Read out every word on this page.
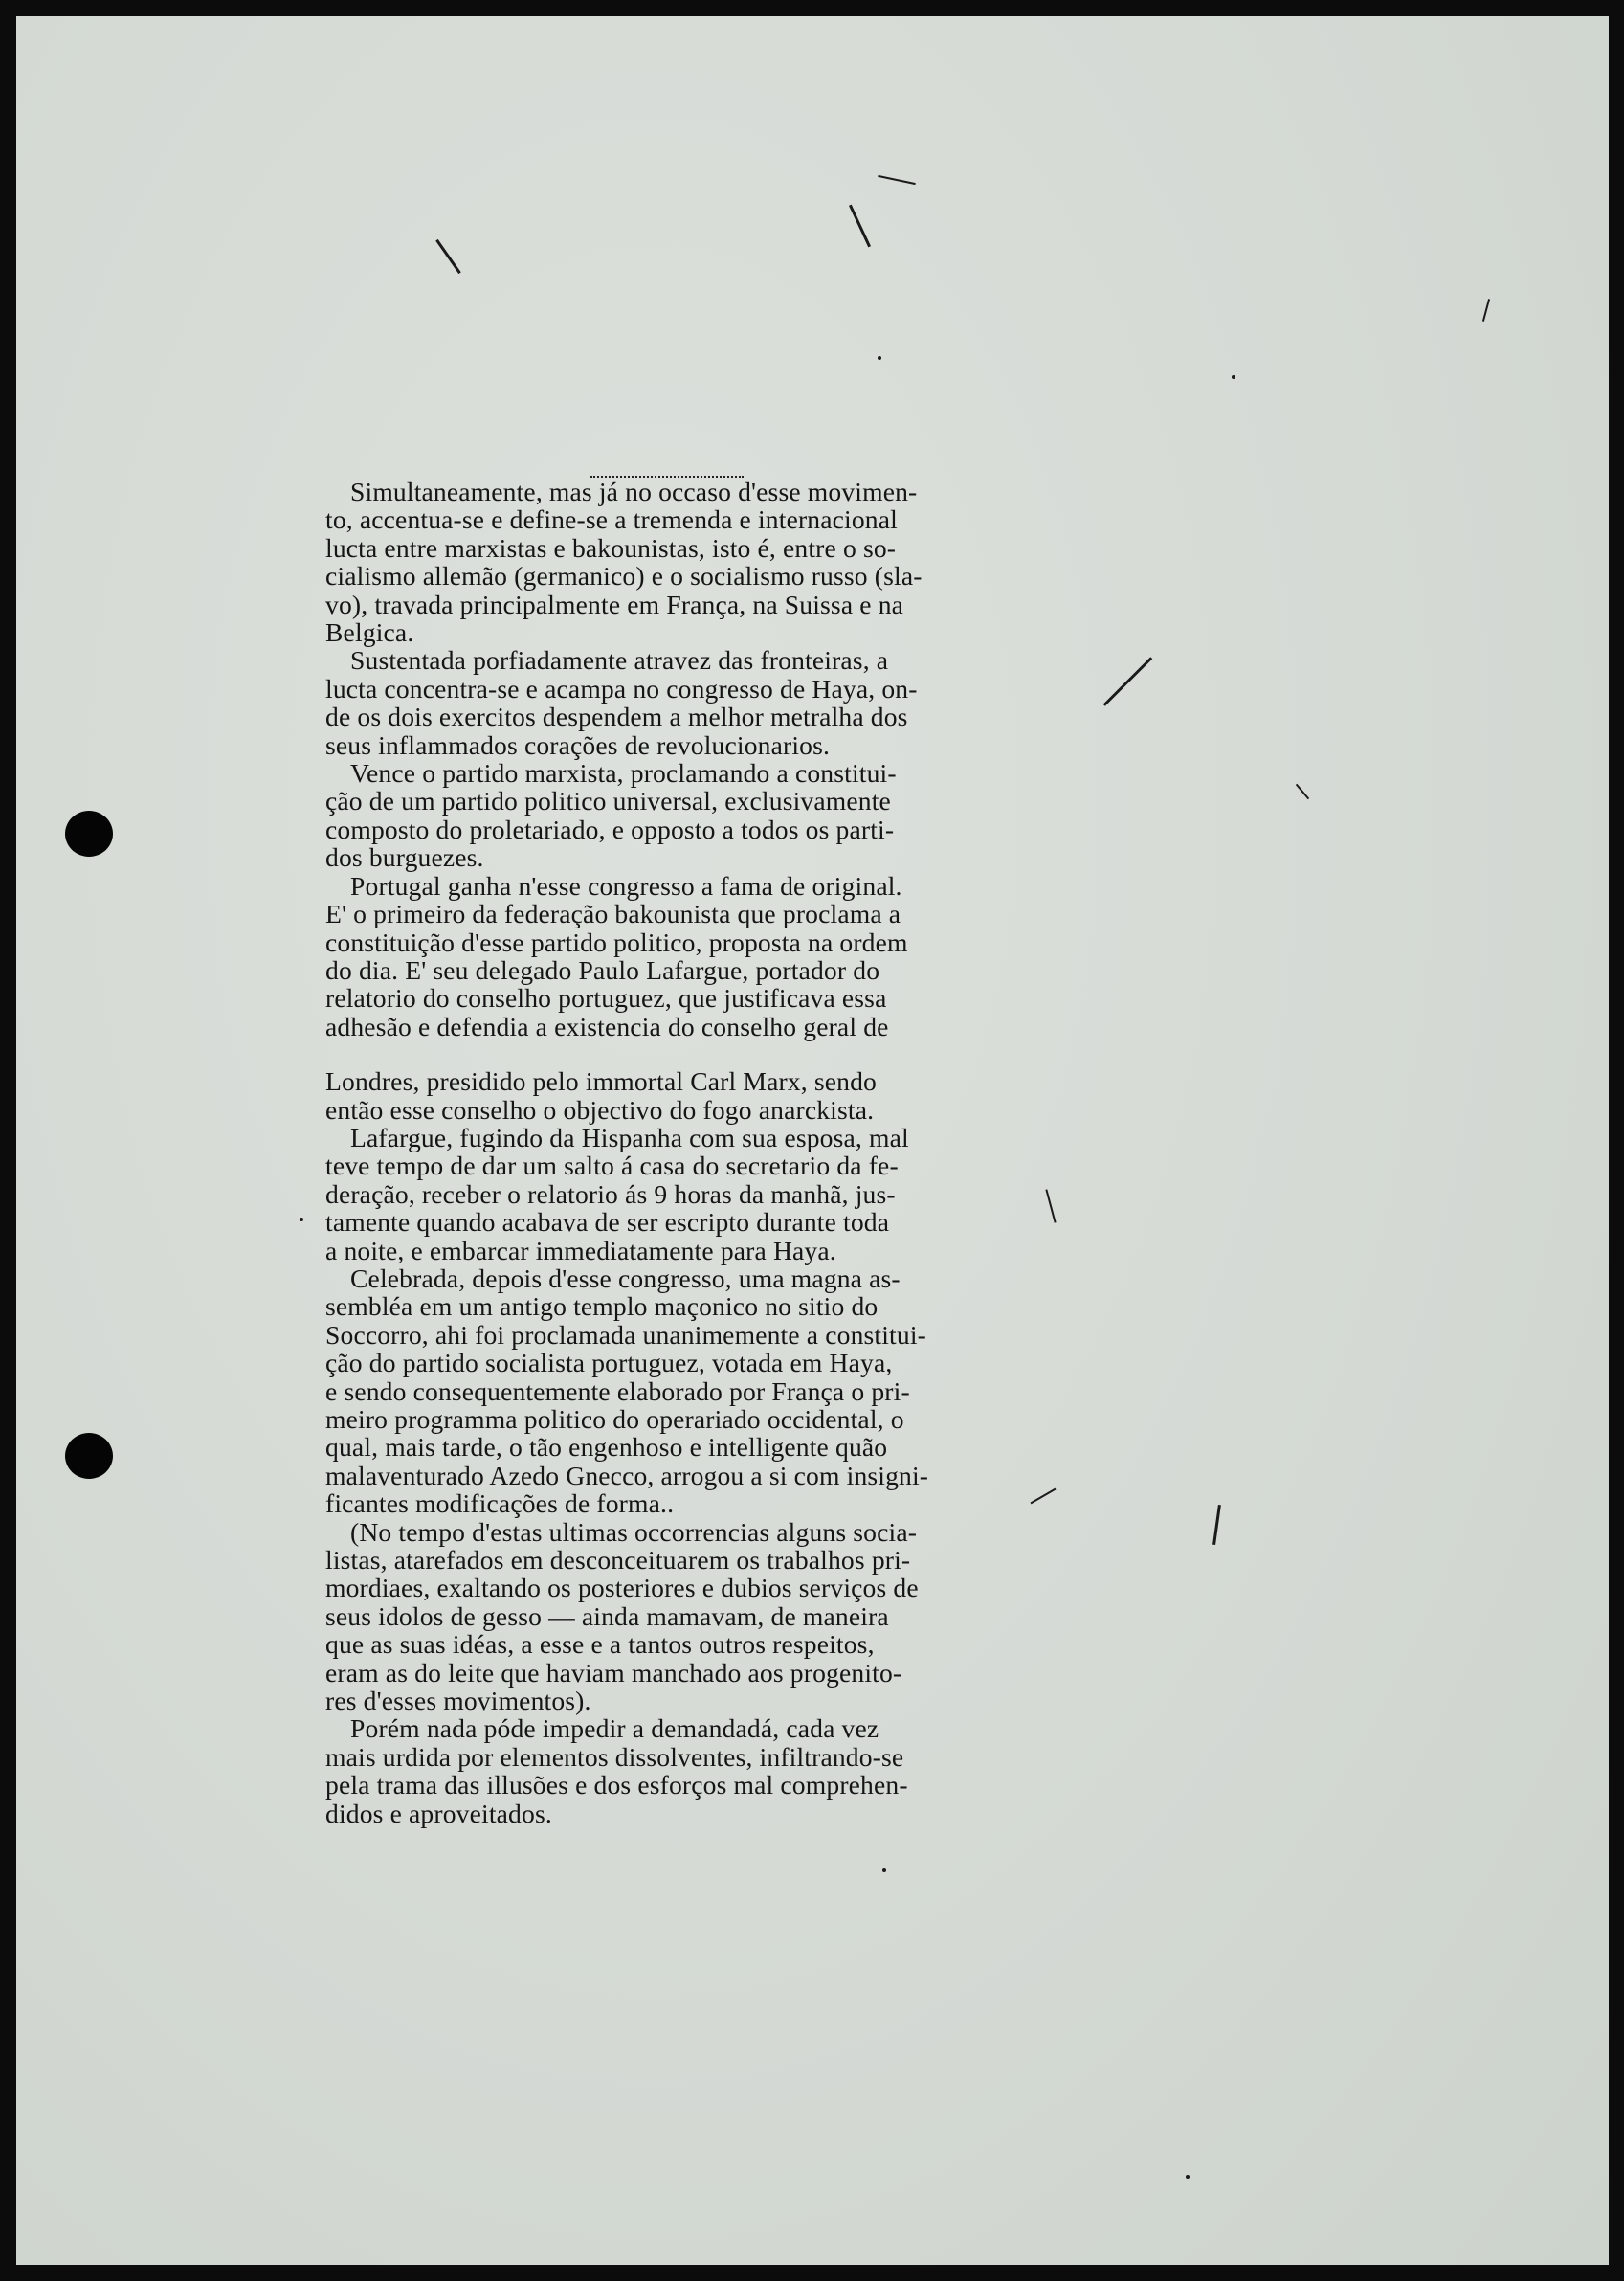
Simultaneamente, mas já no occaso d'esse movimen-
to, accentua-se e define-se a tremenda e internacional
lucta entre marxistas e bakounistas, isto é, entre o so-
cialismo allemão (germanico) e o socialismo russo (sla-
vo), travada principalmente em França, na Suissa e na
Belgica.

Sustentada porfiadamente atravez das fronteiras, a
lucta concentra-se e acampa no congresso de Haya, on-
de os dois exercitos despendem a melhor metralha dos
seus inflammados corações de revolucionarios.

Vence o partido marxista, proclamando a constitui-
ção de um partido politico universal, exclusivamente
composto do proletariado, e opposto a todos os parti-
dos burguezes.

Portugal ganha n'esse congresso a fama de original.
E' o primeiro da federação bakounista que proclama a
constituição d'esse partido politico, proposta na ordem
do dia. E' seu delegado Paulo Lafargue, portador do
relatorio do conselho portuguez, que justificava essa
adhesão e defendia a existencia do conselho geral de

Londres, presidido pelo immortal Carl Marx, sendo
então esse conselho o objectivo do fogo anarckista.

Lafargue, fugindo da Hispanha com sua esposa, mal
teve tempo de dar um salto á casa do secretario da fe-
deração, receber o relatorio ás 9 horas da manhã, jus-
tamente quando acabava de ser escripto durante toda
a noite, e embarcar immediatamente para Haya.

Celebrada, depois d'esse congresso, uma magna as-
sembléa em um antigo templo maçonico no sitio do
Soccorro, ahi foi proclamada unanimemente a constitui-
ção do partido socialista portuguez, votada em Haya,
e sendo consequentemente elaborado por França o pri-
meiro programma politico do operariado occidental, o
qual, mais tarde, o tão engenhoso e intelligente quão
malaventurado Azedo Gnecco, arrogou a si com insigni-
ficantes modificações de forma..

(No tempo d'estas ultimas occorrencias alguns socia-
listas, atarefados em desconceituarem os trabalhos pri-
mordiaes, exaltando os posteriores e dubios serviços de
seus idolos de gesso — ainda mamavam, de maneira
que as suas idéas, a esse e a tantos outros respeitos,
eram as do leite que haviam manchado aos progenito-
res d'esses movimentos).

Porém nada póde impedir a demandadá, cada vez
mais urdida por elementos dissolventes, infiltrando-se
pela trama das illusões e dos esforços mal comprehen-
didos e aproveitados.
